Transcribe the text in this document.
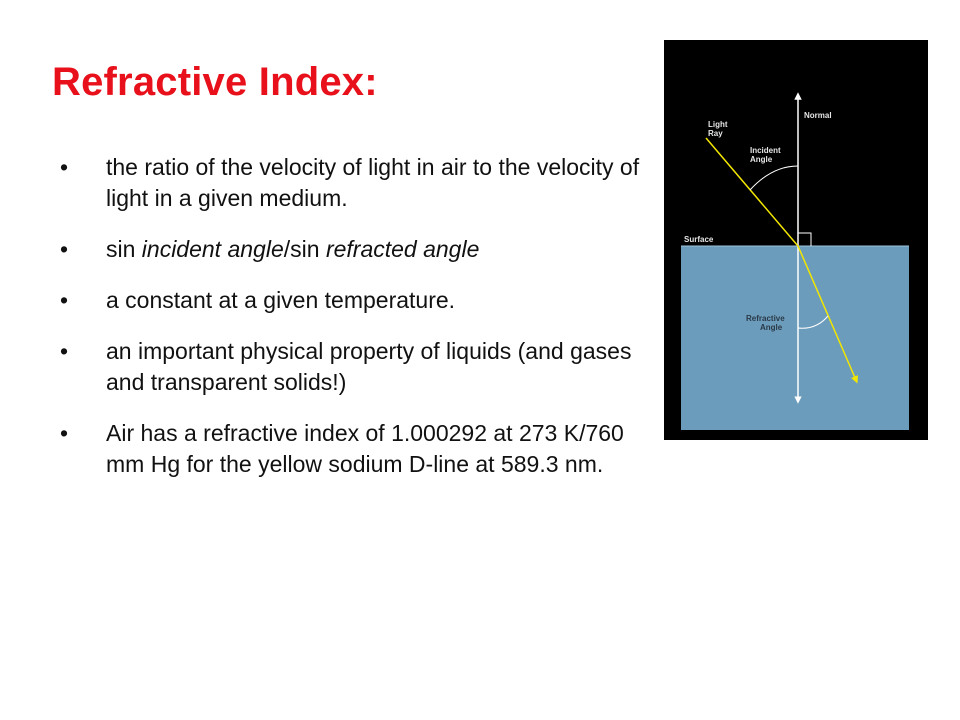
Refractive Index:
• the ratio of the velocity of light in air to the velocity of light in a given medium.
• sin incident angle/sin refracted angle
• a constant at a given temperature.
• an important physical property of liquids (and gases and transparent solids!)
• Air has a refractive index of 1.000292 at 273 K/760 mm Hg for the yellow sodium D-line at 589.3 nm.
Light
Ray
Normal
Incident
Angle
Surface
Refractive
Angle
